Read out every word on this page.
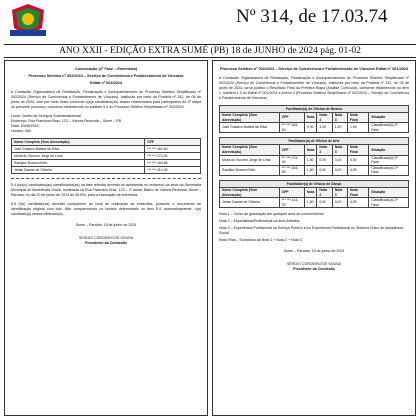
Nº 314, de 17.03.74
ANO XXII - EDIÇÃO EXTRA SUMÉ (PB) 18 de JUNHO de 2024 pág. 01-02
Convocação (2ª Fase – Entrevista)
Processo Seletivo nº 002/2024 – Serviço de Convivência e Fortalecimento de Vínculos
Edital nº 002/2024
A Comissão Organizadora de Realização, Fiscalização e Acompanhamento do Processo Seletivo Simplificado nº 002/2024 (Serviço de Convivência e Fortalecimento de Vínculos), instituída por meio da Portaria nº 242, de 06 de junho de 2024, vem por meio deste convocar o(a)s candidatos(as) abaixo relacionados para participarem da 2ª etapa do presente processo, conforme estabelecido no subitem 5.4 do Processo Seletivo Simplificado nº 002/2024.
Local: Centro de Serviços Socioassistencial
Endereço: Rua Francisco Braz, 123 – Várzea Redonda – Sumé – PB.
Data: 20/06/2024;
Horário: 08h.
Nome Completo (Sem Abreviação)	CPF
José Gustavo Batista da Silva	*** ***.164-60
Maria do Socorro Jorge de Lima	*** ***.274-04
Raulijea Sicaroni Brito	*** ***.164-68
Jebas Dantas de Oliveira	*** ***.414-25
5.4 Aos(s) candidatos(as) classificados(as) na fase referida deverão se apresentar no endereço da sede da Secretaria Municipal de Assistência Social, localizada na Rua Francisco Braz, 123 – 1º andar, Bairro de Várzea Redonda, Sumé – Paraíba, no dia 20 de junho de 2024 às 08:00h, para a realização da entrevista.
5.5 O(s) candidato(as) deverão comparecer ao local de realização da entrevista, portando o documento de identificação original com foto. Não comparecendo no horário determinado no item 5.4, automaticamente, o(a) candidato(a) estará eliminado(a).
Sumé – Paraíba, 18 de junho de 2024
SÉRGIO CORDEIRO DE SOUSA
Presidente da Comissão
Processo Seletivo nº 002/2024 – Serviço de Convivência e Fortalecimento de Vínculos Edital nº 001/2024
A Comissão Organizadora de Realização, Fiscalização e Acompanhamento do Processo Seletivo Simplificado nº 002/2024 (Serviço de Convivência e Fortalecimento de Vínculos), instituída por meio da Portaria nº 242, de 06 de junho de 2024, torna público o Resultado Final da Primeira Etapa (Análise Curricular), conforme estabelecido no item 1, subitem 1.3 do Edital nº 001/2024 e Anexo II (Processo Seletivo Simplificado nº 002/2024 – Serviço de Convivência e Fortalecimento de Vínculos).
Facilitador(a) de Oficina de Música						
Nome Completo (Sem Abreviação)	CPF	Nota	Nota 2	Nota 3	Nota Final	Situação
José Gustavo Batista da Silva	*** ***.164-60	0,00	3,00	1,50	1,50	Classificado(a) 2ª Fase
Facilitador(a) de Oficina de Arte						
Nome Completo (Sem Abreviação)	CPF	Nota	Nota 2	Nota 3	Nota Final	Situação
Maria do Socorro Jorge de Lima	*** ***.274-04	1,50	0,00	3,00	4,50	Classificado(a) 2ª Fase
Raulijea Sicaroni Brito	*** ***.164-68	1,50	0,00	3,00	4,50	Classificado(a) 2ª Fase
Facilitador(a) de Oficina de Dança						
Nome Completo (Sem Abreviação)	CPF	Nota	Nota 2	Nota 3	Nota Final	Situação
Jebas Dantas de Oliveira	*** ***.414-25	1,50	0,00	3,00	4,50	Classificado(a) 2ª Fase
Nota 1 – Curso de graduação em qualquer área do conhecimento.
Nota 2 – Especialista/Profissional na área Artística.
Nota 3 – Experiência Profissional no Serviço Público e/ou Experiência Profissional no Sistema Único de Assistência Social.
Nota Final – Somatório da Nota 1 + Nota 2 + Nota 3.
Sumé – Paraíba, 18 de junho de 2024
SÉRGIO CORDEIRO DE SOUSA
Presidente da Comissão
